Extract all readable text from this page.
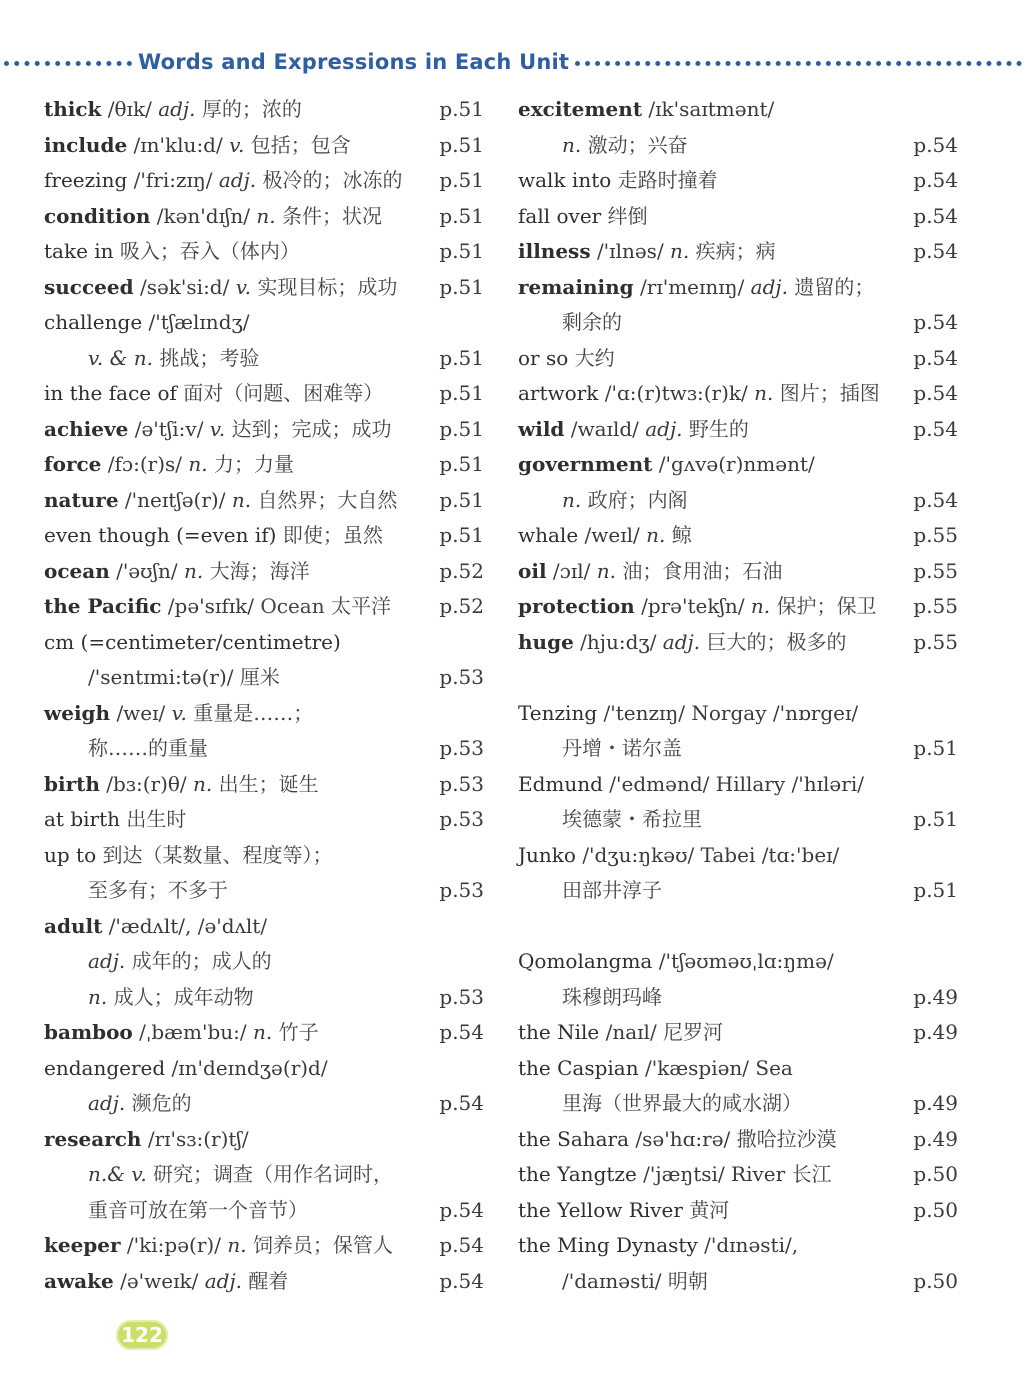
Words and Expressions in Each Unit
thick /θɪk/ adj. 厚的；浓的	p.51
include /ɪn'klu:d/ v. 包括；包含	p.51
freezing /'fri:zɪŋ/ adj. 极冷的；冰冻的 p.51
condition /kən'dɪʃn/ n. 条件；状况	p.51
take in 吸入；吞入（体内）	p.51
succeed /sək'si:d/ v. 实现目标；成功 p.51
challenge /'tʃælɪndʒ/
v. & n. 挑战；考验	p.51
in the face of 面对（问题、困难等）	p.51
achieve /ə'tʃi:v/ v. 达到；完成；成功 p.51
force /fɔ:(r)s/ n. 力；力量	p.51
nature /'neɪtʃə(r)/ n. 自然界；大自然 p.51
even though (=even if) 即使；虽然	p.51
ocean /'əʊʃn/ n. 大海；海洋	p.52
the Pacific /pə'sɪfɪk/ Ocean 太平洋 p.52
cm (=centimeter/centimetre)
/'sentɪmi:tə(r)/ 厘米	p.53
weigh /weɪ/ v. 重量是……；
称……的重量	p.53
birth /bɜ:(r)θ/ n. 出生；诞生	p.53
at birth 出生时	p.53
up to 到达（某数量、程度等）；
至多有；不多于	p.53
adult /'ædʌlt/, /ə'dʌlt/
adj. 成年的；成人的
n. 成人；成年动物	p.53
bamboo /ˌbæm'bu:/ n. 竹子	p.54
endangered /ɪn'deɪndʒə(r)d/
adj. 濒危的	p.54
research /rɪ'sɜ:(r)tʃ/
n.& v. 研究；调查（用作名词时，
重音可放在第一个音节）	p.54
keeper /'ki:pə(r)/ n. 饲养员；保管人 p.54
awake /ə'weɪk/ adj. 醒着	p.54
excitement /ɪk'saɪtmənt/
n. 激动；兴奋	p.54
walk into 走路时撞着	p.54
fall over 绊倒	p.54
illness /'ɪlnəs/ n. 疾病；病	p.54
remaining /rɪ'meɪnɪŋ/ adj. 遗留的；
剩余的	p.54
or so 大约	p.54
artwork /'ɑ:(r)twɜ:(r)k/ n. 图片；插图 p.54
wild /waɪld/ adj. 野生的	p.54
government /'gʌvə(r)nmənt/
n. 政府；内阁	p.54
whale /weɪl/ n. 鲸	p.55
oil /ɔɪl/ n. 油；食用油；石油	p.55
protection /prə'tekʃn/ n. 保护；保卫 p.55
huge /hju:dʒ/ adj. 巨大的；极多的	p.55
Tenzing /'tenzɪŋ/ Norgay /'nɒrgeɪ/
丹增・诺尔盖	p.51
Edmund /'edmənd/ Hillary /'hɪləri/
埃德蒙・希拉里	p.51
Junko /'dʒu:ŋkəʊ/ Tabei /tɑ:'beɪ/
田部井淳子	p.51
Qomolangma /'tʃəʊməʊˌlɑ:ŋmə/
珠穆朗玛峰	p.49
the Nile /naɪl/ 尼罗河	p.49
the Caspian /'kæspiən/ Sea
里海（世界最大的咸水湖）	p.49
the Sahara /sə'hɑ:rə/ 撒哈拉沙漠	p.49
the Yangtze /'jæŋtsi/ River 长江	p.50
the Yellow River 黄河	p.50
the Ming Dynasty /'dɪnəsti/,
/'daɪnəsti/ 明朝	p.50
122
